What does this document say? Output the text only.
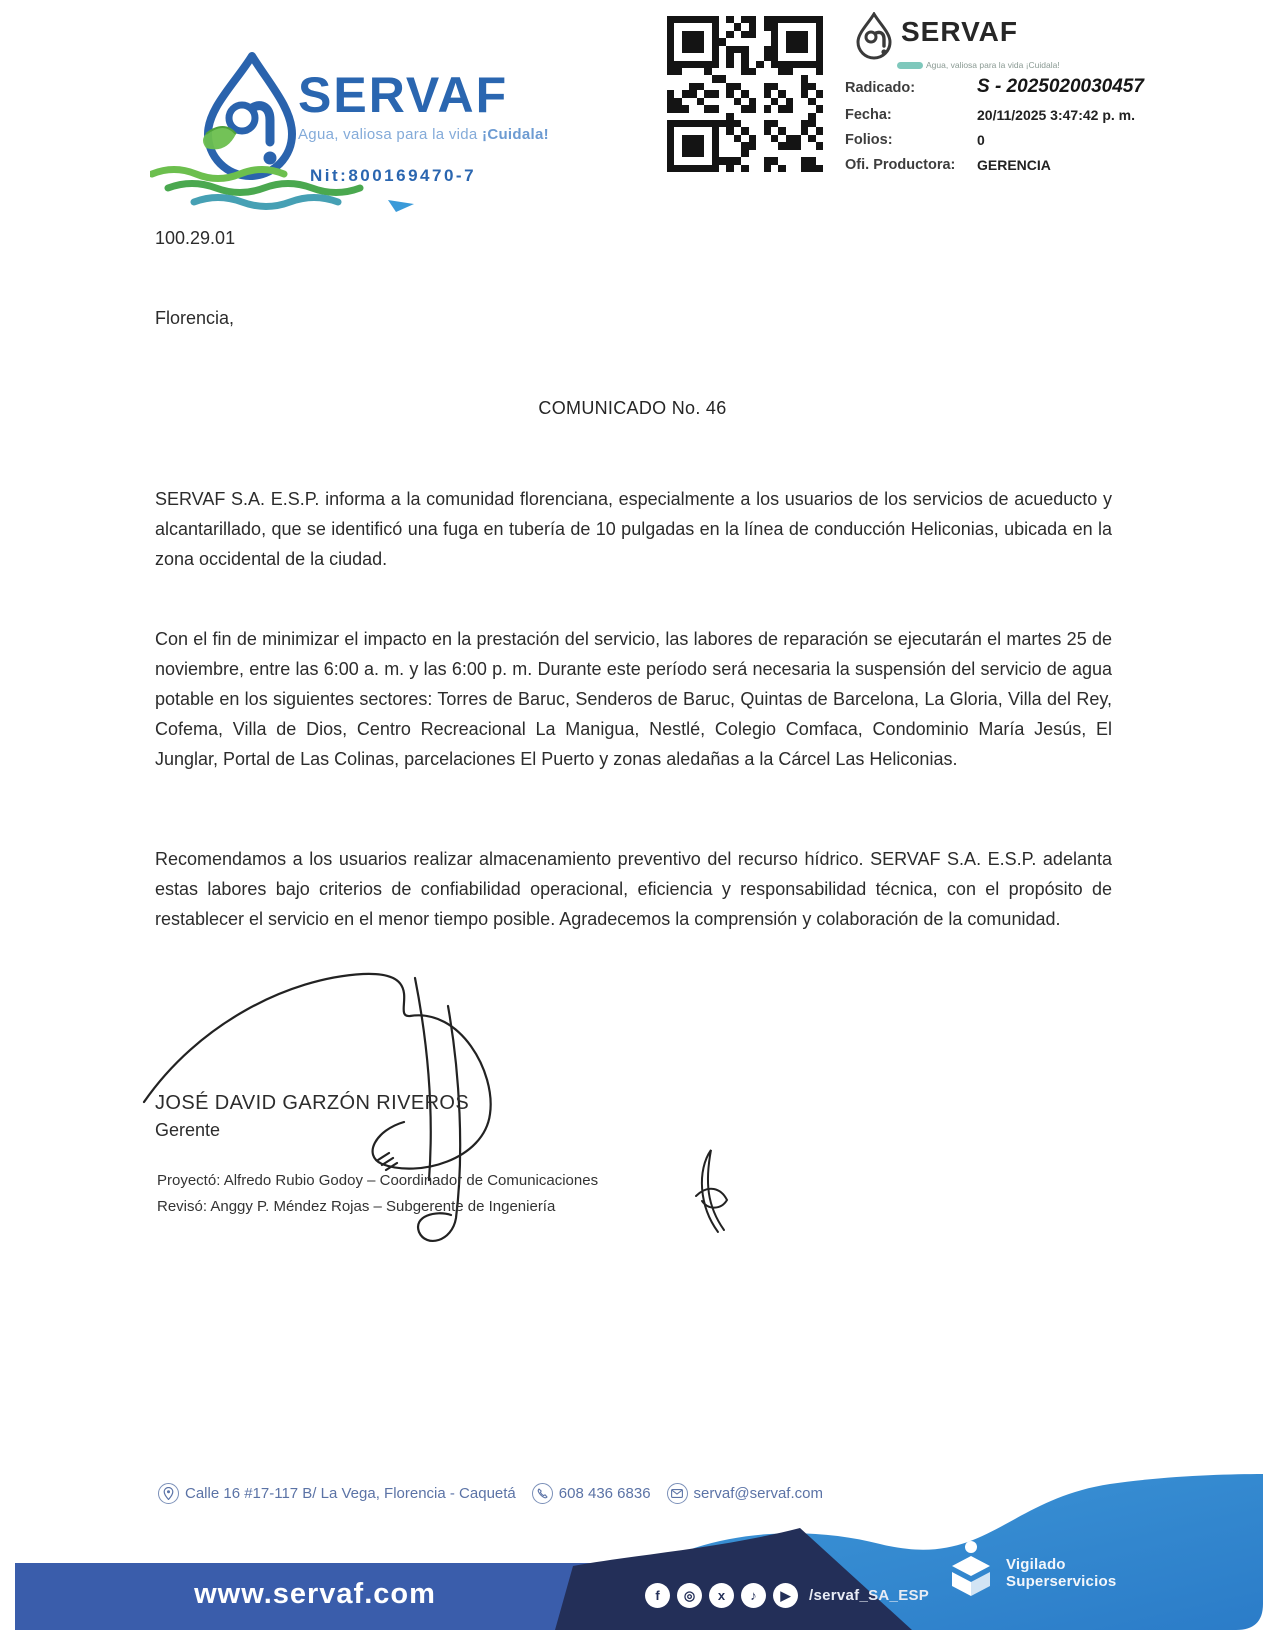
SERVAF
Agua, valiosa para la vida ¡Cuidala!
Nit:800169470-7
SERVAF
Agua, valiosa para la vida ¡Cuidala!
Radicado:	S - 2025020030457
Fecha:	20/11/2025 3:47:42 p. m.
Folios:	0
Ofi. Productora:	GERENCIA
100.29.01
Florencia,
COMUNICADO No. 46

SERVAF S.A. E.S.P. informa a la comunidad florenciana, especialmente a los usuarios de los servicios de acueducto y alcantarillado, que se identificó una fuga en tubería de 10 pulgadas en la línea de conducción Heliconias, ubicada en la zona occidental de la ciudad.

Con el fin de minimizar el impacto en la prestación del servicio, las labores de reparación se ejecutarán el martes 25 de noviembre, entre las 6:00 a. m. y las 6:00 p. m. Durante este período será necesaria la suspensión del servicio de agua potable en los siguientes sectores: Torres de Baruc, Senderos de Baruc, Quintas de Barcelona, La Gloria, Villa del Rey, Cofema, Villa de Dios, Centro Recreacional La Manigua, Nestlé, Colegio Comfaca, Condominio María Jesús, El Junglar, Portal de Las Colinas, parcelaciones El Puerto y zonas aledañas a la Cárcel Las Heliconias.

Recomendamos a los usuarios realizar almacenamiento preventivo del recurso hídrico. SERVAF S.A. E.S.P. adelanta estas labores bajo criterios de confiabilidad operacional, eficiencia y responsabilidad técnica, con el propósito de restablecer el servicio en el menor tiempo posible. Agradecemos la comprensión y colaboración de la comunidad.

JOSÉ DAVID GARZÓN RIVEROS
Gerente
Proyectó: Alfredo Rubio Godoy – Coordinador de Comunicaciones
Revisó: Anggy P. Méndez Rojas – Subgerente de Ingeniería
Calle 16 #17-117 B/ La Vega, Florencia - Caquetá	608 436 6836	servaf@servaf.com
www.servaf.com	f	◎	x	♪	▶	/servaf_SA_ESP
Vigilado
Superservicios
